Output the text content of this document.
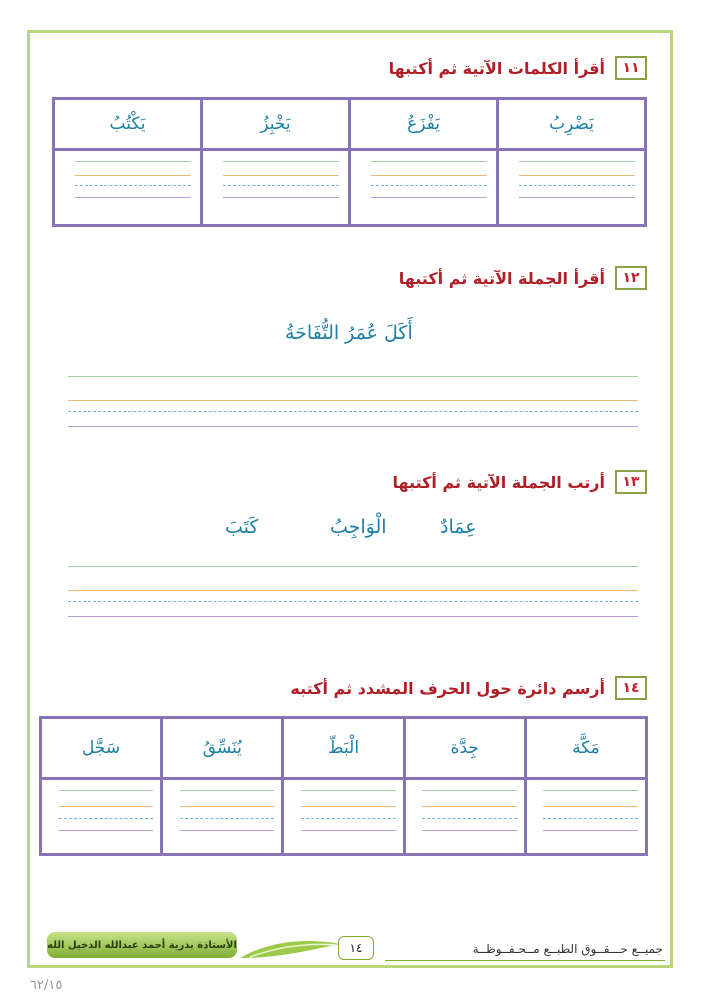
١١
أقرأ الكلمات الآتية ثم أكتبها
يَضْرِبُ
يَفْزَعُ
يَخْبِزُ
يَكْتُبُ
١٢
أقرأ الجملة الآتية ثم أكتبها
أَكَلَ عُمَرُ التُّفَاحَةُ
١٣
أرتب الجملة الآتية ثم أكتبها
عِمَادٌ
الْوَاجِبُ
كَتَبَ
١٤
أرسم دائرة حول الحرف المشدد ثم أكتبه
مَكَّة
جِدَّة
الْبَطّ
يُنَسِّقُ
سَجَّل
الأستاذة بدرية أحمد عبدالله الدخيل الله	١٤	جميــع حـــقــوق الطبــع مــحـفــوظــة
٦٢/١٥
